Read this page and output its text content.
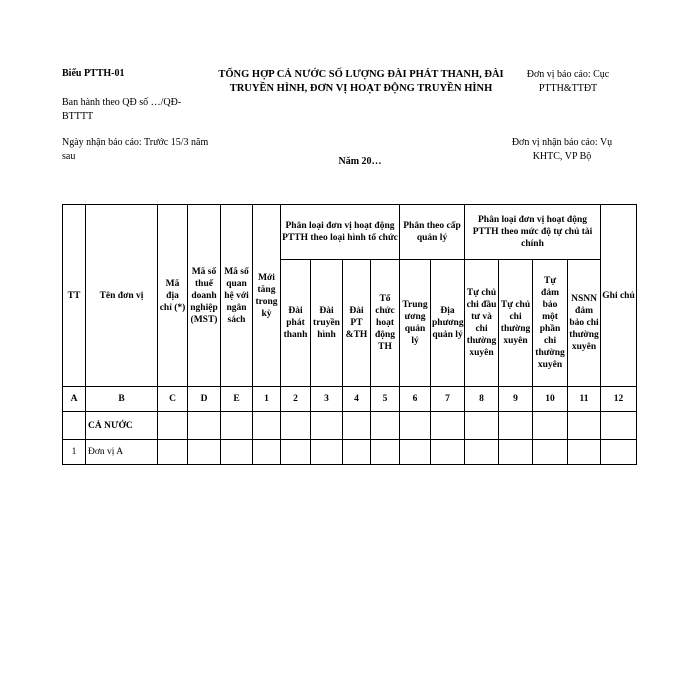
Biểu PTTH-01	TỔNG HỢP CẢ NƯỚC SỐ LƯỢNG ĐÀI PHÁT THANH, ĐÀI
TRUYỀN HÌNH, ĐƠN VỊ HOẠT ĐỘNG TRUYỀN HÌNH
Đơn vị báo cáo: Cục
PTTH&TTĐT
Ban hành theo QĐ số …/QĐ-BTTTT
Ngày nhận báo cáo: Trước 15/3 năm sau
Đơn vị nhận báo cáo: Vụ
KHTC, VP Bộ
Năm 20…
TT	Tên đơn vị	Mã địa chỉ (*)	Mã số thuế doanh nghiệp (MST)	Mã số quan hệ với ngân sách	Mới tăng trong kỳ	Phân loại đơn vị hoạt động PTTH theo loại hình tổ chức				Phân theo cấp quản lý		Phân loại đơn vị hoạt động PTTH theo mức độ tự chủ tài chính				Ghi chú
						Đài phát thanh	Đài truyền hình	Đài PT &TH	Tổ chức hoạt động TH	Trung ương quản lý	Địa phương quản lý	Tự chủ chi đầu tư và chi thường xuyên	Tự chủ chi thường xuyên	Tự đảm bảo một phần chi thường xuyên	NSNN đảm bảo chi thường xuyên	
A	B	C	D	E	1	2	3	4	5	6	7	8	9	10	11	12
	CẢ NƯỚC															
1	Đơn vị A															
